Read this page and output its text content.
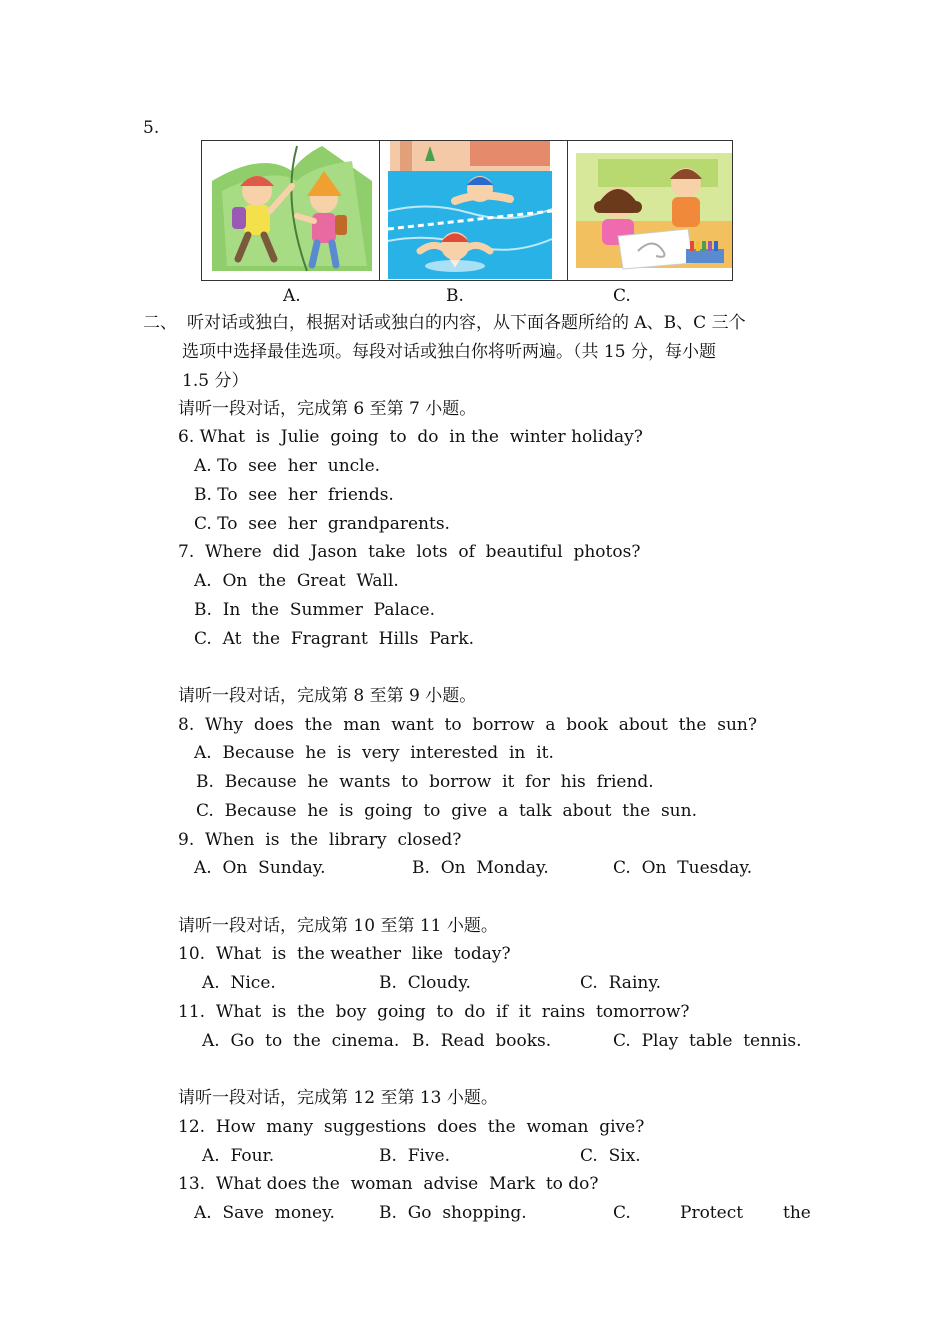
5.
A.	B.	C.
二、 听对话或独白，根据对话或独白的内容，从下面各题所给的 A、B、C 三个
选项中选择最佳选项。每段对话或独白你将听两遍。（共 15 分，每小题
1.5 分）
请听一段对话，完成第 6 至第 7 小题。
6. What  is  Julie  going  to  do  in the  winter holiday?
A. To  see  her  uncle.
B. To  see  her  friends.
C. To  see  her  grandparents.
7.  Where  did  Jason  take  lots  of  beautiful  photos?
A.  On  the  Great  Wall.
B.  In  the  Summer  Palace.
C.  At  the  Fragrant  Hills  Park.
请听一段对话，完成第 8 至第 9 小题。
8.  Why  does  the  man  want  to  borrow  a  book  about  the  sun?
A.  Because  he  is  very  interested  in  it.
B.  Because  he  wants  to  borrow  it  for  his  friend.
C.  Because  he  is  going  to  give  a  talk  about  the  sun.
9.  When  is  the  library  closed?
A.  On  Sunday.	B.  On  Monday.	C.  On  Tuesday.
请听一段对话，完成第 10 至第 11 小题。
10.  What  is  the weather  like  today?
A.  Nice.	B.  Cloudy.	C.  Rainy.
11.  What  is  the  boy  going  to  do  if  it  rains  tomorrow?
A.  Go  to  the  cinema. B.  Read  books.	C.  Play  table  tennis.
请听一段对话，完成第 12 至第 13 小题。
12.  How  many  suggestions  does  the  woman  give?
A.  Four.	B.  Five.	C.  Six.
13.  What does the  woman  advise  Mark  to do?
A.  Save  money.	B.  Go  shopping.	C.	Protect the
